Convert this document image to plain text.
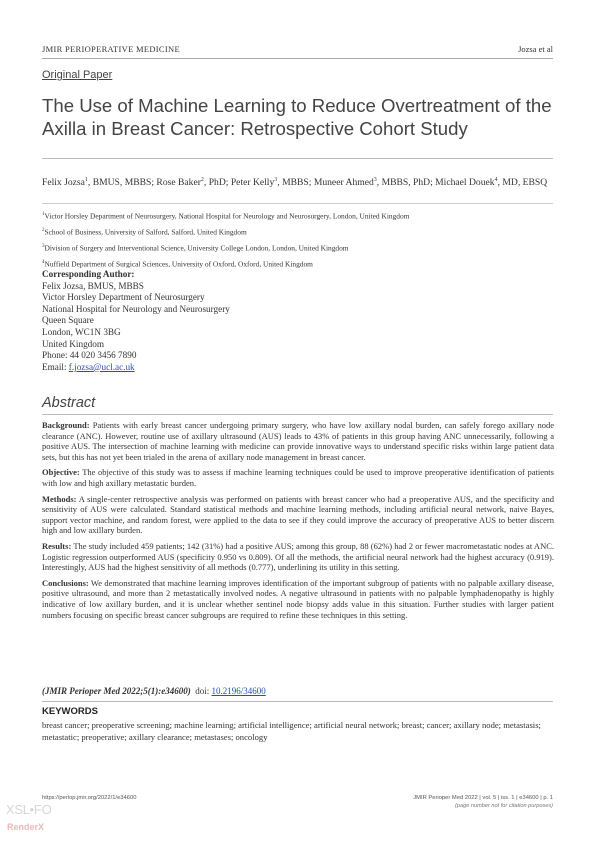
JMIR PERIOPERATIVE MEDICINE	Jozsa et al
Original Paper
The Use of Machine Learning to Reduce Overtreatment of the Axilla in Breast Cancer: Retrospective Cohort Study
Felix Jozsa$^1$, BMUS, MBBS; Rose Baker$^2$, PhD; Peter Kelly$^3$, MBBS; Muneer Ahmed$^3$, MBBS, PhD; Michael Douek$^4$, MD, EBSQ
$^1$Victor Horsley Department of Neurosurgery, National Hospital for Neurology and Neurosurgery, London, United Kingdom
$^2$School of Business, University of Salford, Salford, United Kingdom
$^3$Division of Surgery and Interventional Science, University College London, London, United Kingdom
$^4$Nuffield Department of Surgical Sciences, University of Oxford, Oxford, United Kingdom
Corresponding Author:
Felix Jozsa, BMUS, MBBS
Victor Horsley Department of Neurosurgery
National Hospital for Neurology and Neurosurgery
Queen Square
London, WC1N 3BG
United Kingdom
Phone: 44 020 3456 7890
Email: f.jozsa@ucl.ac.uk
Abstract

Background: Patients with early breast cancer undergoing primary surgery, who have low axillary nodal burden, can safely forego axillary node clearance (ANC). However, routine use of axillary ultrasound (AUS) leads to 43% of patients in this group having ANC unnecessarily, following a positive AUS. The intersection of machine learning with medicine can provide innovative ways to understand specific risks within large patient data sets, but this has not yet been trialed in the arena of axillary node management in breast cancer.

Objective: The objective of this study was to assess if machine learning techniques could be used to improve preoperative identification of patients with low and high axillary metastatic burden.

Methods: A single-center retrospective analysis was performed on patients with breast cancer who had a preoperative AUS, and the specificity and sensitivity of AUS were calculated. Standard statistical methods and machine learning methods, including artificial neural network, naive Bayes, support vector machine, and random forest, were applied to the data to see if they could improve the accuracy of preoperative AUS to better discern high and low axillary burden.

Results: The study included 459 patients; 142 (31%) had a positive AUS; among this group, 88 (62%) had 2 or fewer macrometastatic nodes at ANC. Logistic regression outperformed AUS (specificity 0.950 vs 0.809). Of all the methods, the artificial neural network had the highest accuracy (0.919). Interestingly, AUS had the highest sensitivity of all methods (0.777), underlining its utility in this setting.

Conclusions: We demonstrated that machine learning improves identification of the important subgroup of patients with no palpable axillary disease, positive ultrasound, and more than 2 metastatically involved nodes. A negative ultrasound in patients with no palpable lymphadenopathy is highly indicative of low axillary burden, and it is unclear whether sentinel node biopsy adds value in this situation. Further studies with larger patient numbers focusing on specific breast cancer subgroups are required to refine these techniques in this setting.

(JMIR Perioper Med 2022;5(1):e34600) doi: 10.2196/34600
KEYWORDS
breast cancer; preoperative screening; machine learning; artificial intelligence; artificial neural network; breast; cancer; axillary node; metastasis; metastatic; preoperative; axillary clearance; metastases; oncology
https://periop.jmir.org/2022/1/e34600	JMIR Perioper Med 2022 | vol. 5 | iss. 1 | e34600 | p. 1
(page number not for citation purposes)
XSL•FO
RenderX
